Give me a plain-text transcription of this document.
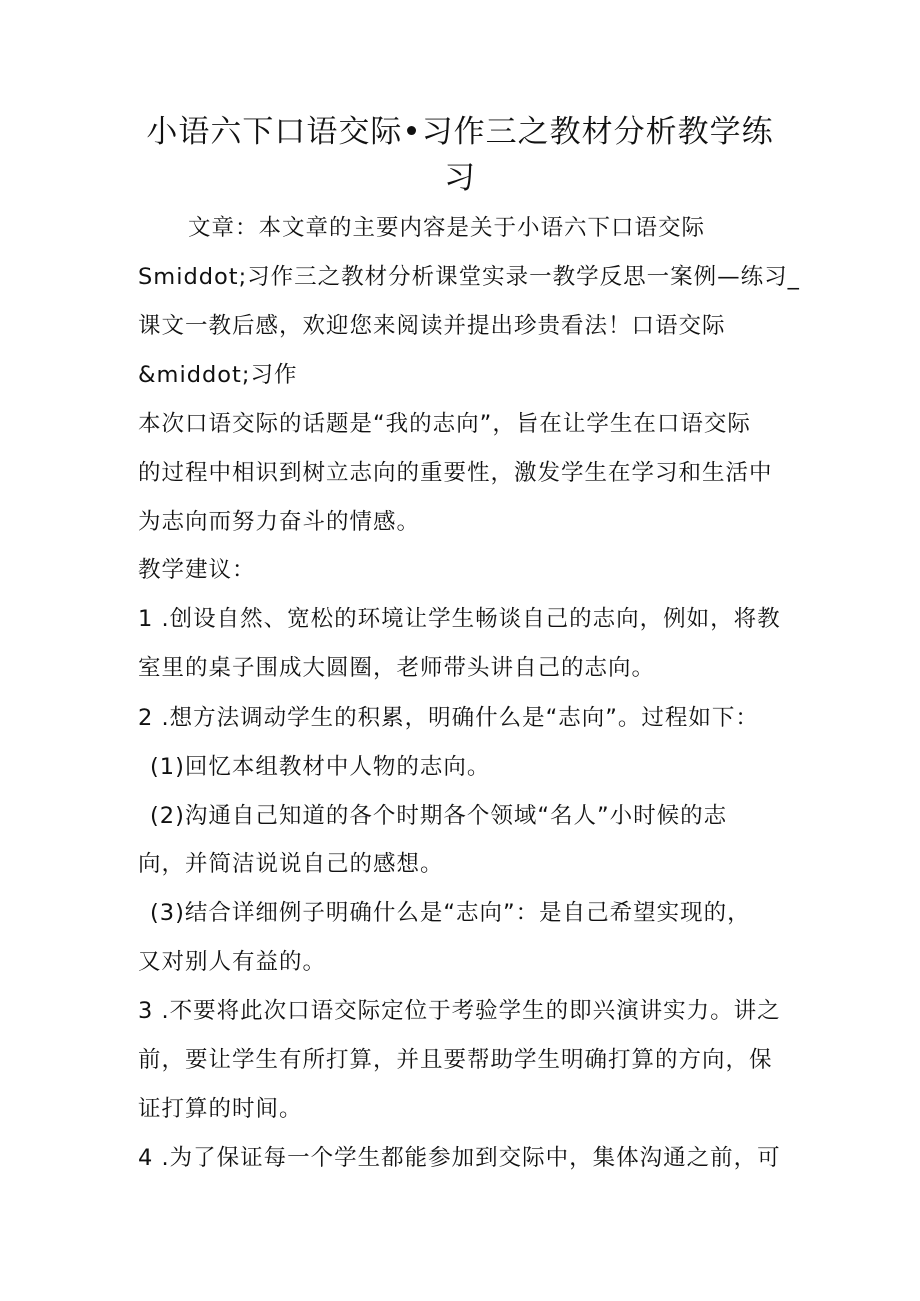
小语六下口语交际•习作三之教材分析教学练
习
文章：本文章的主要内容是关于小语六下口语交际
Smiddot;习作三之教材分析课堂实录一教学反思一案例—练习_
课文一教后感，欢迎您来阅读并提出珍贵看法！口语交际
&middot;习作
本次口语交际的话题是“我的志向”，旨在让学生在口语交际
的过程中相识到树立志向的重要性，激发学生在学习和生活中
为志向而努力奋斗的情感。
教学建议：
1 .创设自然、宽松的环境让学生畅谈自己的志向，例如，将教
室里的桌子围成大圆圈，老师带头讲自己的志向。
2 .想方法调动学生的积累，明确什么是“志向”。过程如下：
(1)回忆本组教材中人物的志向。
(2)沟通自己知道的各个时期各个领域“名人”小时候的志
向，并简洁说说自己的感想。
(3)结合详细例子明确什么是“志向”：是自己希望实现的，
又对别人有益的。
3 .不要将此次口语交际定位于考验学生的即兴演讲实力。讲之
前，要让学生有所打算，并且要帮助学生明确打算的方向，保
证打算的时间。
4 .为了保证每一个学生都能参加到交际中，集体沟通之前，可
